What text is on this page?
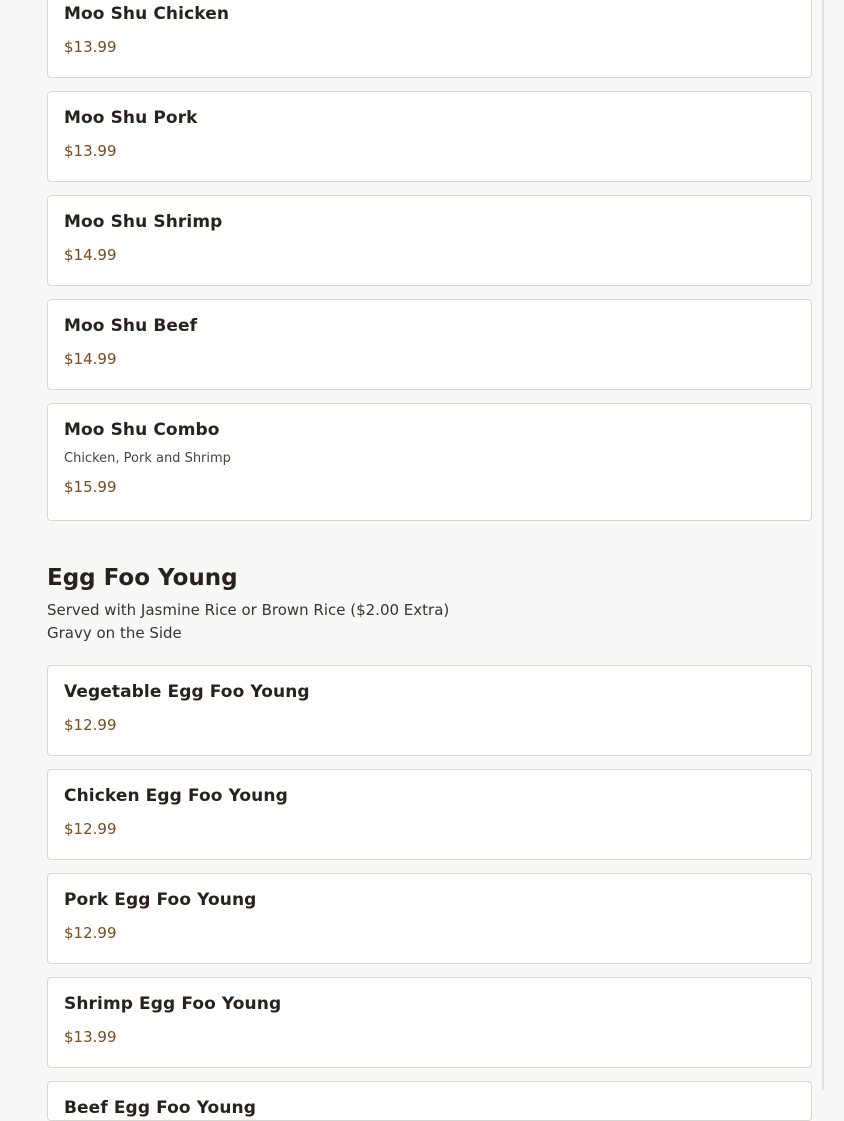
Moo Shu Chicken
$13.99
Moo Shu Pork
$13.99
Moo Shu Shrimp
$14.99
Moo Shu Beef
$14.99
Moo Shu Combo
Chicken, Pork and Shrimp
$15.99
Egg Foo Young
Served with Jasmine Rice or Brown Rice ($2.00 Extra)
Gravy on the Side
Vegetable Egg Foo Young
$12.99
Chicken Egg Foo Young
$12.99
Pork Egg Foo Young
$12.99
Shrimp Egg Foo Young
$13.99
Beef Egg Foo Young
